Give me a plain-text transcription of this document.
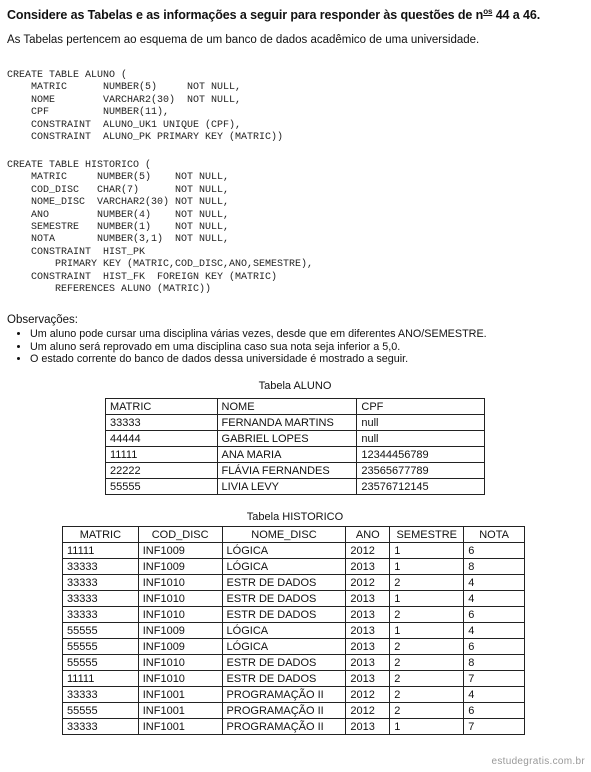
Considere as Tabelas e as informações a seguir para responder às questões de $n^{os}$ 44 a 46.

As Tabelas pertencem ao esquema de um banco de dados acadêmico de uma universidade.

CREATE TABLE ALUNO (
MATRIC      NUMBER(5)     NOT NULL,
NOME        VARCHAR2(30)  NOT NULL,
CPF         NUMBER(11),
CONSTRAINT  ALUNO_UK1 UNIQUE (CPF),
CONSTRAINT  ALUNO_PK PRIMARY KEY (MATRIC))
CREATE TABLE HISTORICO (
MATRIC     NUMBER(5)    NOT NULL,
COD_DISC   CHAR(7)      NOT NULL,
NOME_DISC  VARCHAR2(30) NOT NULL,
ANO        NUMBER(4)    NOT NULL,
SEMESTRE   NUMBER(1)    NOT NULL,
NOTA       NUMBER(3,1)  NOT NULL,
CONSTRAINT  HIST_PK
PRIMARY KEY (MATRIC,COD_DISC,ANO,SEMESTRE),
CONSTRAINT  HIST_FK  FOREIGN KEY (MATRIC)
REFERENCES ALUNO (MATRIC))

Observações:

• Um aluno pode cursar uma disciplina várias vezes, desde que em diferentes ANO/SEMESTRE.
• Um aluno será reprovado em uma disciplina caso sua nota seja inferior a 5,0.
• O estado corrente do banco de dados dessa universidade é mostrado a seguir.
Tabela ALUNO
MATRIC	NOME	CPF
33333	FERNANDA MARTINS	null
44444	GABRIEL LOPES	null
11111	ANA MARIA	12344456789
22222	FLÁVIA FERNANDES	23565677789
55555	LIVIA LEVY	23576712145
Tabela HISTORICO
MATRIC	COD_DISC	NOME_DISC	ANO	SEMESTRE	NOTA
11111	INF1009	LÓGICA	2012	1	6
33333	INF1009	LÓGICA	2013	1	8
33333	INF1010	ESTR DE DADOS	2012	2	4
33333	INF1010	ESTR DE DADOS	2013	1	4
33333	INF1010	ESTR DE DADOS	2013	2	6
55555	INF1009	LÓGICA	2013	1	4
55555	INF1009	LÓGICA	2013	2	6
55555	INF1010	ESTR DE DADOS	2013	2	8
11111	INF1010	ESTR DE DADOS	2013	2	7
33333	INF1001	PROGRAMAÇÃO II	2012	2	4
55555	INF1001	PROGRAMAÇÃO II	2012	2	6
33333	INF1001	PROGRAMAÇÃO II	2013	1	7
estudegratis.com.br
